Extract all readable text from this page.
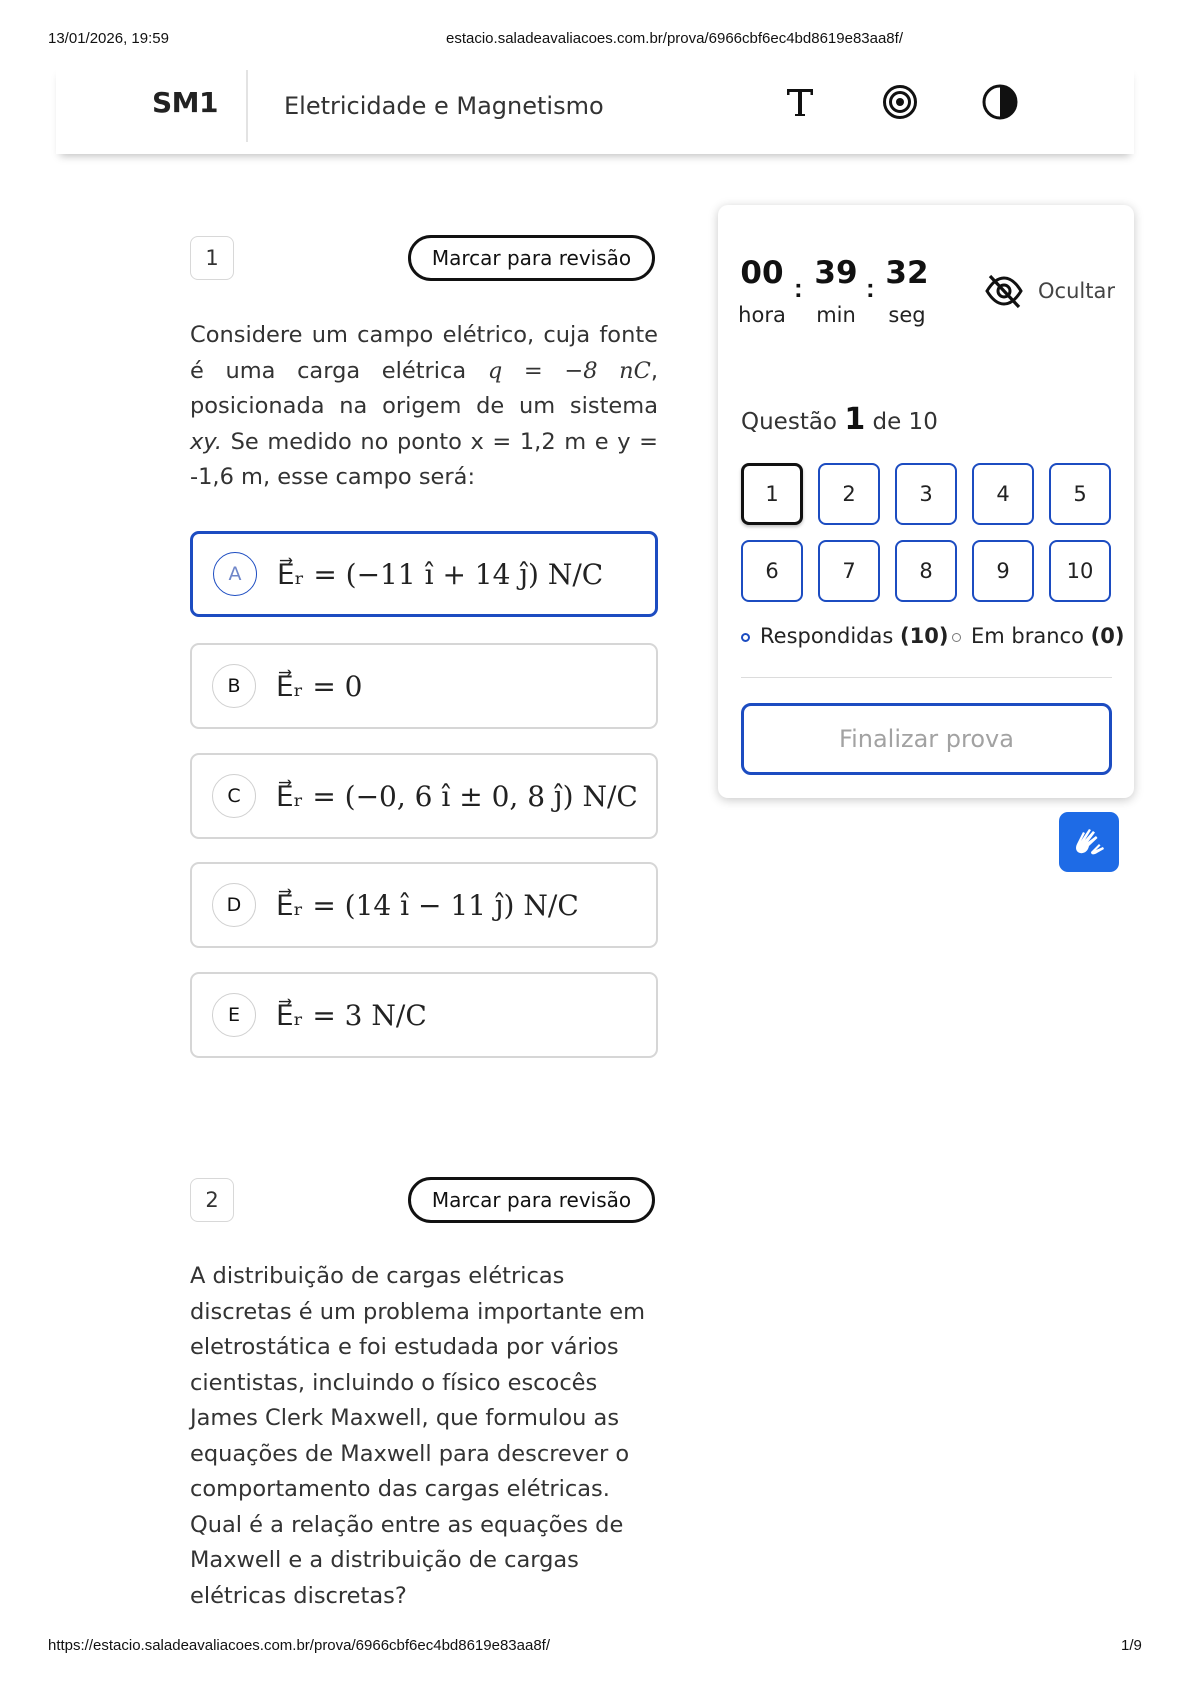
13/01/2026, 19:59	estacio.saladeavaliacoes.com.br/prova/6966cbf6ec4bd8619e83aa8f/
SM1	Eletricidade e Magnetismo
1	Marcar para revisão
Considere um campo elétrico, cuja fonte é uma carga elétrica q = −8 nC, posicionada na origem de um sistema xy. Se medido no ponto x = 1,2 m e y = -1,6 m, esse campo será:
A	E⃗ᵣ = (−11 ı̂ + 14 ȷ̂) N/C
B	E⃗ᵣ = 0
C	E⃗ᵣ = (−0, 6 ı̂ ± 0, 8 ȷ̂) N/C
D	E⃗ᵣ = (14 ı̂ − 11 ȷ̂) N/C
E	E⃗ᵣ = 3 N/C
2	Marcar para revisão
A distribuição de cargas elétricas
discretas é um problema importante em
eletrostática e foi estudada por vários
cientistas, incluindo o físico escocês
James Clerk Maxwell, que formulou as
equações de Maxwell para descrever o
comportamento das cargas elétricas.
Qual é a relação entre as equações de
Maxwell e a distribuição de cargas
elétricas discretas?
00 : 39 : 32
hora	min	seg
Ocultar
Questão 1 de 10
1	2	3	4	5
6	7	8	9	10
Respondidas (10)	Em branco (0)
Finalizar prova
https://estacio.saladeavaliacoes.com.br/prova/6966cbf6ec4bd8619e83aa8f/	1/9
